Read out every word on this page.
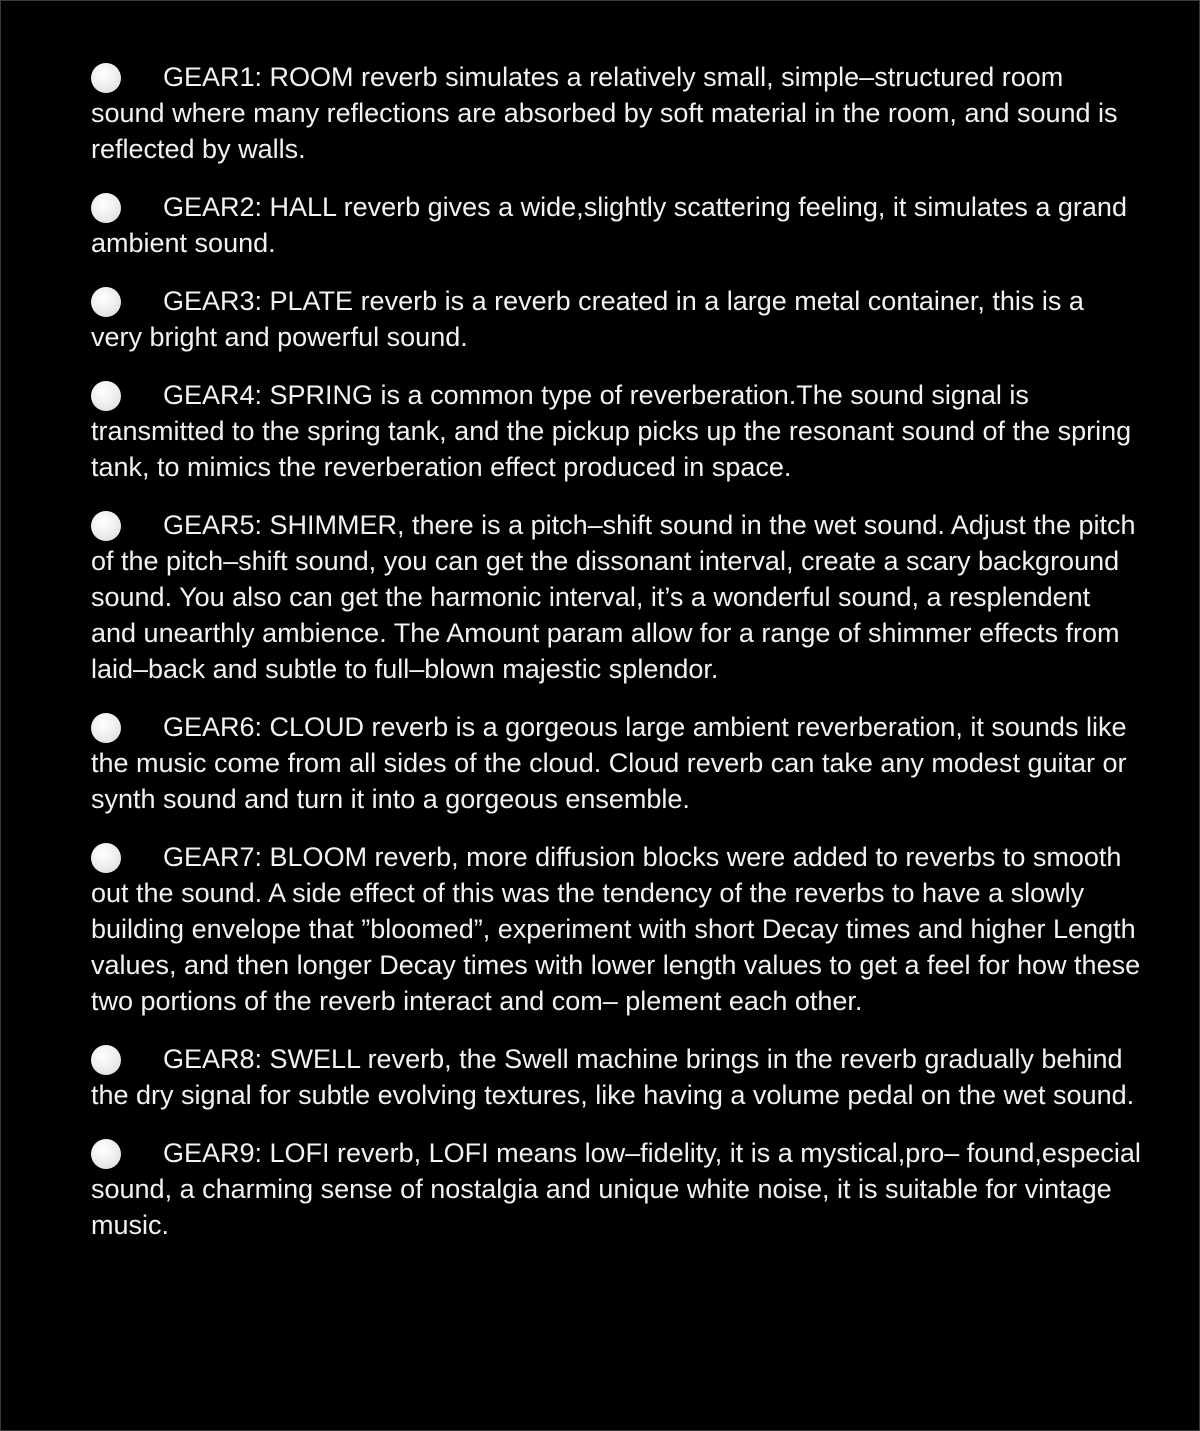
GEAR1: ROOM reverb simulates a relatively small, simple–structured room sound where many reflections are absorbed by soft material in the room, and sound is reflected by walls.
GEAR2: HALL reverb gives a wide,slightly scattering feeling, it simulates a grand ambient sound.
GEAR3: PLATE reverb is a reverb created in a large metal container, this is a very bright and powerful sound.
GEAR4: SPRING is a common type of reverberation.The sound signal is transmitted to the spring tank, and the pickup picks up the resonant sound of the spring tank, to mimics the reverberation effect produced in space.
GEAR5: SHIMMER, there is a pitch–shift sound in the wet sound. Adjust the pitch of the pitch–shift sound, you can get the dissonant interval, create a scary background sound. You also can get the harmonic interval, it’s a wonderful sound, a resplendent and unearthly ambience. The Amount param allow for a range of shimmer effects from laid–back and subtle to full–blown majestic splendor.
GEAR6: CLOUD reverb is a gorgeous large ambient reverberation, it sounds like the music come from all sides of the cloud. Cloud reverb can take any modest guitar or synth sound and turn it into a gorgeous ensemble.
GEAR7: BLOOM reverb, more diffusion blocks were added to reverbs to smooth out the sound. A side effect of this was the tendency of the reverbs to have a slowly building envelope that ”bloomed”, experiment with short Decay times and higher Length values, and then longer Decay times with lower length values to get a feel for how these two portions of the reverb interact and com– plement each other.
GEAR8: SWELL reverb, the Swell machine brings in the reverb gradually behind the dry signal for subtle evolving textures, like having a volume pedal on the wet sound.
GEAR9: LOFI reverb, LOFI means low–fidelity, it is a mystical,pro– found,especial sound, a charming sense of nostalgia and unique white noise, it is suitable for vintage music.
